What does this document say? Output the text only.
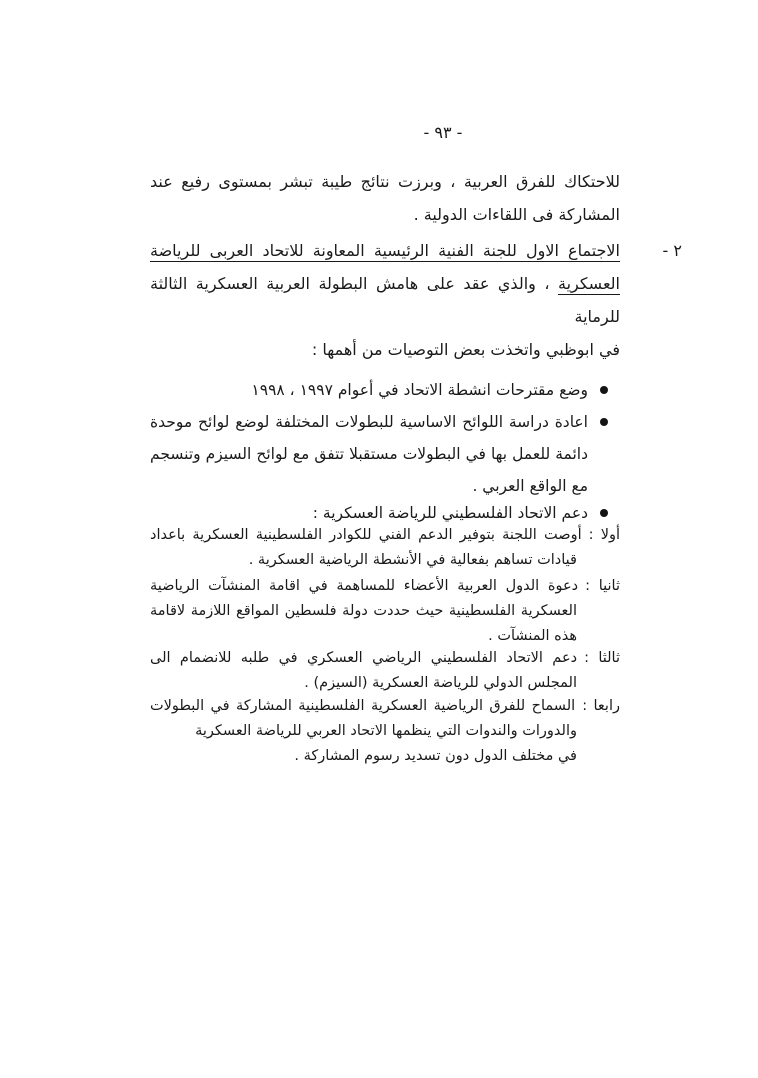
- ٩٣ -
للاحتكاك للفرق العربية ، وبرزت نتائج طيبة تبشر بمستوى رفيع عند
المشاركة فى اللقاءات الدولية .
٢ -
الاجتماع الاول للجنة الفنية الرئيسية المعاونة للاتحاد العربى للرياضة
العسكرية ، والذي عقد على هامش البطولة العربية العسكرية الثالثة للرماية
في ابوظبي واتخذت بعض التوصيات من أهمها :
وضع مقترحات انشطة الاتحاد في أعوام ١٩٩٧ ، ١٩٩٨
اعادة دراسة اللوائح الاساسية للبطولات المختلفة لوضع لوائح موحدة
دائمة للعمل بها في البطولات مستقبلا تتفق مع لوائح السيزم وتنسجم
مع الواقع العربي .
دعم الاتحاد الفلسطيني للرياضة العسكرية :
أولا :أوصت اللجنة بتوفير الدعم الفني للكوادر الفلسطينية العسكرية باعداد
قيادات تساهم بفعالية في الأنشطة الرياضية العسكرية .
ثانيا :دعوة الدول العربية الأعضاء للمساهمة في اقامة المنشآت الرياضية
العسكرية الفلسطينية حيث حددت دولة فلسطين المواقع اللازمة لاقامة
هذه المنشآت .
ثالثا :دعم الاتحاد الفلسطيني الرياضي العسكري في طلبه للانضمام الى
المجلس الدولي للرياضة العسكرية (السيزم) .
رابعا :السماح للفرق الرياضية العسكرية الفلسطينية المشاركة في البطولات
والدورات والندوات التي ينظمها الاتحاد العربي للرياضة العسكرية
في مختلف الدول دون تسديد رسوم المشاركة .
